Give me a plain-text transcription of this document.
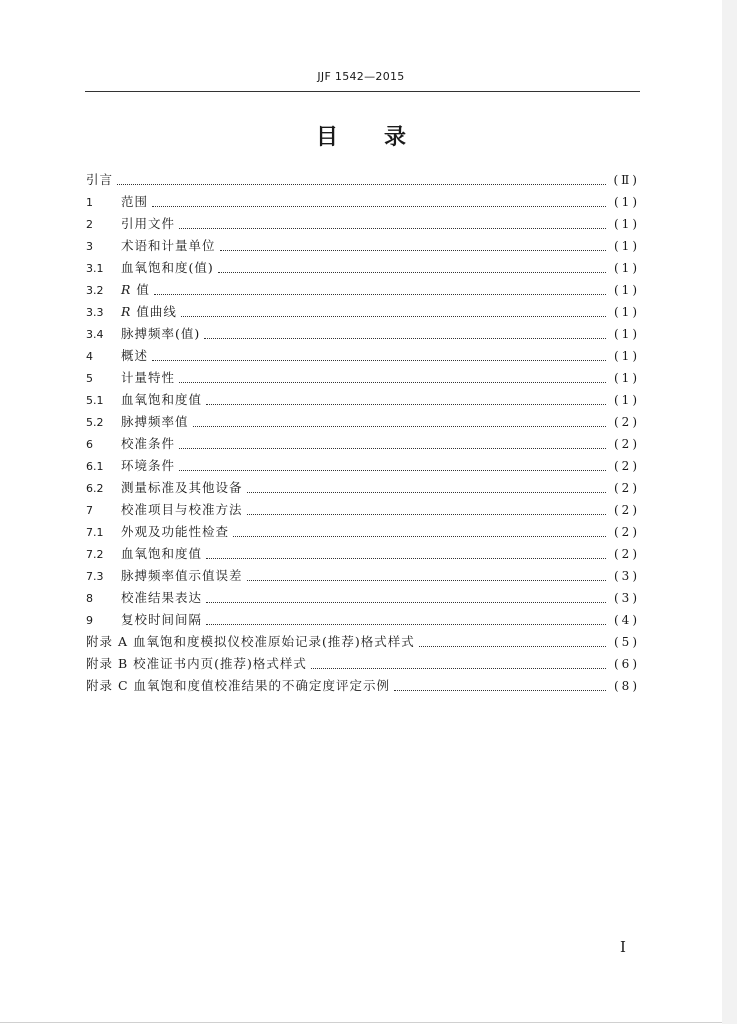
JJF 1542—2015
目录
引言	(Ⅱ)
1	范围	(1)
2	引用文件	(1)
3	术语和计量单位	(1)
3.1	血氧饱和度(值)	(1)
3.2	R 值	(1)
3.3	R 值曲线	(1)
3.4	脉搏频率(值)	(1)
4	概述	(1)
5	计量特性	(1)
5.1	血氧饱和度值	(1)
5.2	脉搏频率值	(2)
6	校准条件	(2)
6.1	环境条件	(2)
6.2	测量标准及其他设备	(2)
7	校准项目与校准方法	(2)
7.1	外观及功能性检查	(2)
7.2	血氧饱和度值	(2)
7.3	脉搏频率值示值误差	(3)
8	校准结果表达	(3)
9	复校时间间隔	(4)
附录 A 血氧饱和度模拟仪校准原始记录(推荐)格式样式	(5)
附录 B 校准证书内页(推荐)格式样式	(6)
附录 C 血氧饱和度值校准结果的不确定度评定示例	(8)
I
